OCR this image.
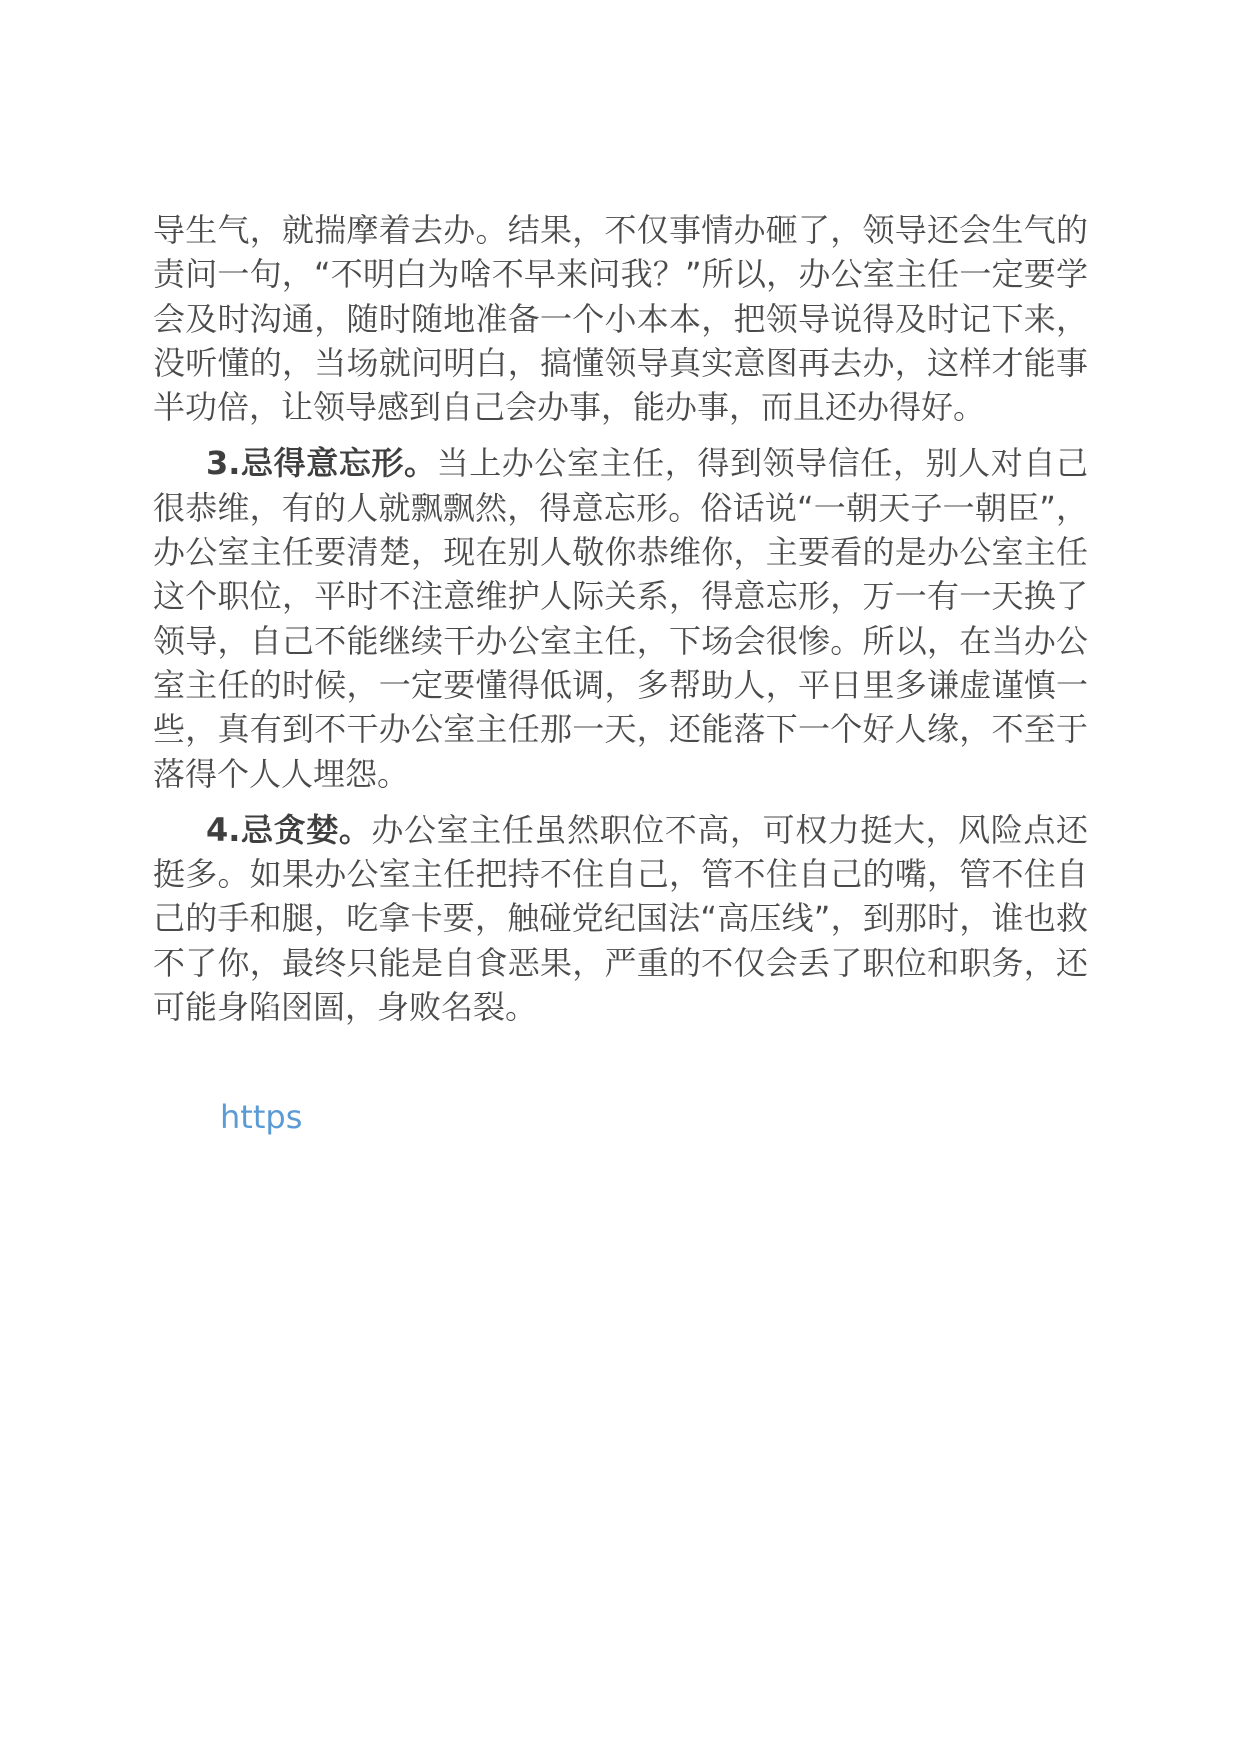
导生气，就揣摩着去办。结果，不仅事情办砸了，领导还会生气的责问一句，“不明白为啥不早来问我？”所以，办公室主任一定要学会及时沟通，随时随地准备一个小本本，把领导说得及时记下来，没听懂的，当场就问明白，搞懂领导真实意图再去办，这样才能事半功倍，让领导感到自己会办事，能办事，而且还办得好。

3.忌得意忘形。当上办公室主任，得到领导信任，别人对自己很恭维，有的人就飘飘然，得意忘形。俗话说“一朝天子一朝臣”，办公室主任要清楚，现在别人敬你恭维你，主要看的是办公室主任这个职位，平时不注意维护人际关系，得意忘形，万一有一天换了领导，自己不能继续干办公室主任，下场会很惨。所以，在当办公室主任的时候，一定要懂得低调，多帮助人，平日里多谦虚谨慎一些，真有到不干办公室主任那一天，还能落下一个好人缘，不至于落得个人人埋怨。

4.忌贪婪。办公室主任虽然职位不高，可权力挺大，风险点还挺多。如果办公室主任把持不住自己，管不住自己的嘴，管不住自己的手和腿，吃拿卡要，触碰党纪国法“高压线”，到那时，谁也救不了你，最终只能是自食恶果，严重的不仅会丢了职位和职务，还可能身陷囹圄，身败名裂。

https
